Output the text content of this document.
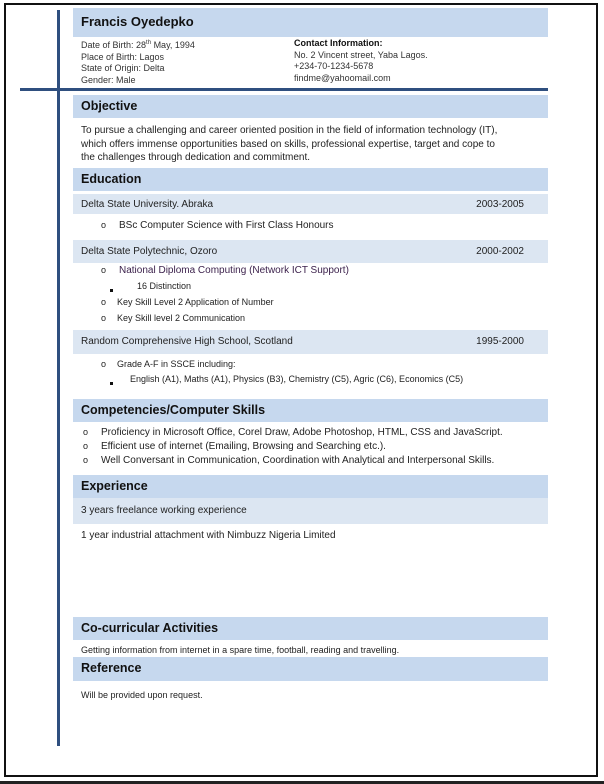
Francis Oyedepko
Date of Birth: 28th May, 1994
Place of Birth: Lagos
State of Origin: Delta
Gender: Male
Contact Information:
No. 2 Vincent street, Yaba Lagos.
+234-70-1234-5678
findme@yahoomail.com
Objective
To pursue a challenging and career oriented position in the field of information technology (IT),
which offers immense opportunities based on skills, professional expertise, target and cope to
the challenges through dedication and commitment.
Education
Delta State University. Abraka	2003-2005
o BSc Computer Science with First Class Honours
Delta State Polytechnic, Ozoro	2000-2002
o National Diploma Computing (Network ICT Support)
16 Distinction
o Key Skill Level 2 Application of Number
o Key Skill level 2 Communication
Random Comprehensive High School, Scotland	1995-2000
o Grade A-F in SSCE including:
English (A1), Maths (A1), Physics (B3), Chemistry (C5), Agric (C6), Economics (C5)
Competencies/Computer Skills
o Proficiency in Microsoft Office, Corel Draw, Adobe Photoshop, HTML, CSS and JavaScript.
o Efficient use of internet (Emailing, Browsing and Searching etc.).
o Well Conversant in Communication, Coordination with Analytical and Interpersonal Skills.
Experience
3 years freelance working experience
1 year industrial attachment with Nimbuzz Nigeria Limited
Co-curricular Activities
Getting information from internet in a spare time, football, reading and travelling.
Reference
Will be provided upon request.
